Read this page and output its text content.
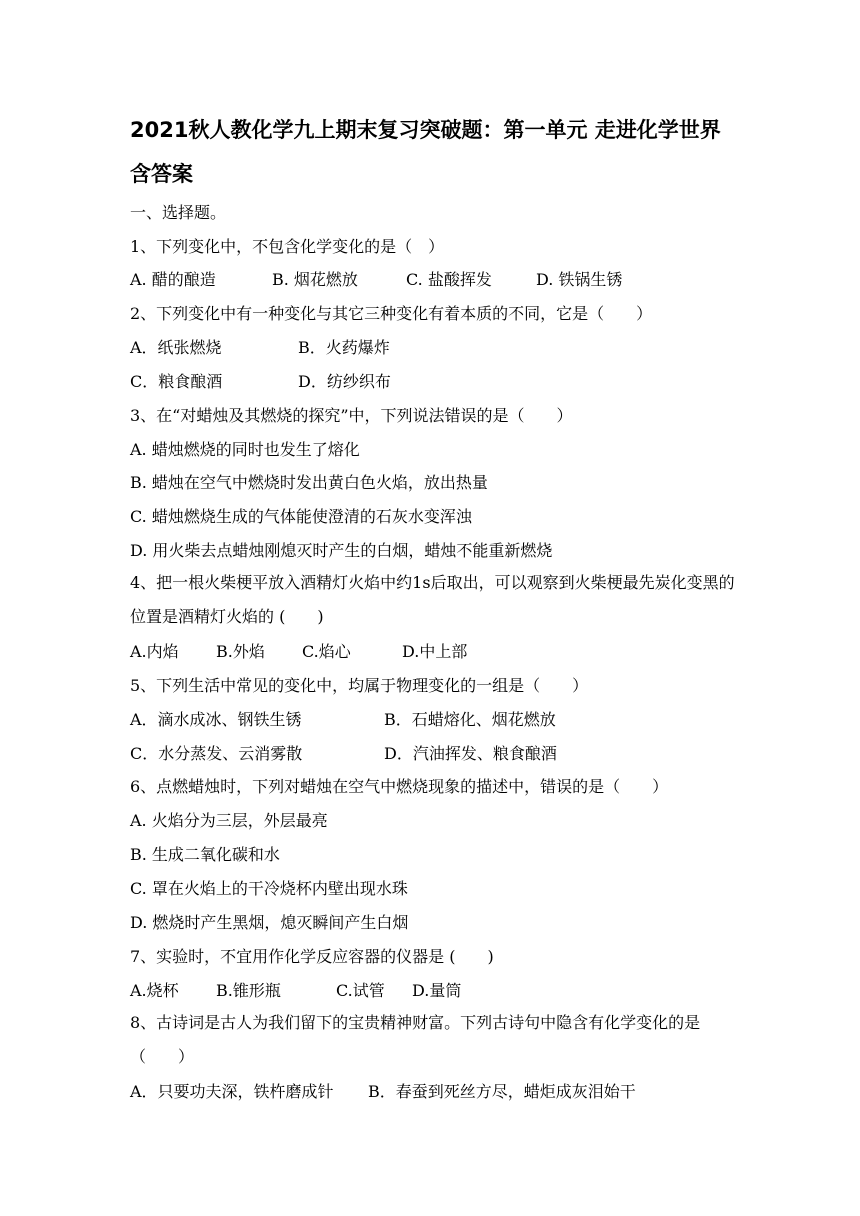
2021秋人教化学九上期末复习突破题：第一单元 走进化学世界含答案
一、选择题。
1、下列变化中，不包含化学变化的是（　）
A. 醋的酿造	B. 烟花燃放	C. 盐酸挥发	D. 铁锅生锈
2、下列变化中有一种变化与其它三种变化有着本质的不同，它是（　　）
A．纸张燃烧	B．火药爆炸
C．粮食酿酒	D．纺纱织布
3、在“对蜡烛及其燃烧的探究”中，下列说法错误的是（　　）
A. 蜡烛燃烧的同时也发生了熔化
B. 蜡烛在空气中燃烧时发出黄白色火焰，放出热量
C. 蜡烛燃烧生成的气体能使澄清的石灰水变浑浊
D. 用火柴去点蜡烛刚熄灭时产生的白烟，蜡烛不能重新燃烧
4、把一根火柴梗平放入酒精灯火焰中约1s后取出，可以观察到火柴梗最先炭化变黑的位置是酒精灯火焰的 (　　)
A.内焰 B.外焰 C.焰心	D.中上部
5、下列生活中常见的变化中，均属于物理变化的一组是（　　）
A．滴水成冰、钢铁生锈	B．石蜡熔化、烟花燃放
C．水分蒸发、云消雾散	D．汽油挥发、粮食酿酒
6、点燃蜡烛时，下列对蜡烛在空气中燃烧现象的描述中，错误的是（　　）
A. 火焰分为三层，外层最亮
B. 生成二氧化碳和水
C. 罩在火焰上的干冷烧杯内壁出现水珠
D. 燃烧时产生黑烟，熄灭瞬间产生白烟
7、实验时，不宜用作化学反应容器的仪器是 (　　)
A.烧杯 B.锥形瓶	C.试管 D.量筒
8、古诗词是古人为我们留下的宝贵精神财富。下列古诗句中隐含有化学变化的是（　　）
A．只要功夫深，铁杵磨成针 B．春蚕到死丝方尽，蜡炬成灰泪始干
